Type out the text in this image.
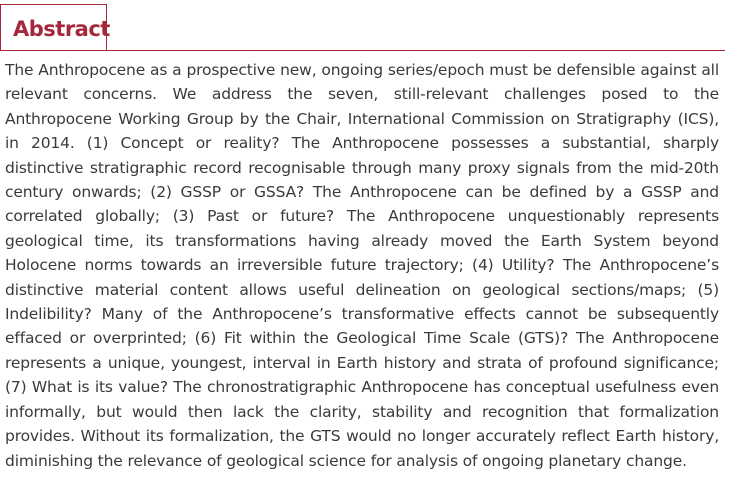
Abstract

The Anthropocene as a prospective new, ongoing series/epoch must be defensible against all relevant concerns. We address the seven, still-relevant challenges posed to the Anthropocene Working Group by the Chair, International Commission on Stratigraphy (ICS), in 2014. (1) Concept or reality? The Anthropocene possesses a substantial, sharply distinctive stratigraphic record recognisable through many proxy signals from the mid-20th century onwards; (2) GSSP or GSSA? The Anthropocene can be defined by a GSSP and correlated globally; (3) Past or future? The Anthropocene unquestionably represents geological time, its transformations having already moved the Earth System beyond Holocene norms towards an irreversible future trajectory; (4) Utility? The Anthropocene’s distinctive material content allows useful delineation on geological sections/maps; (5) Indelibility? Many of the Anthropocene’s transformative effects cannot be subsequently effaced or overprinted; (6) Fit within the Geological Time Scale (GTS)? The Anthropocene represents a unique, youngest, interval in Earth history and strata of profound significance; (7) What is its value? The chronostratigraphic Anthropocene has conceptual usefulness even informally, but would then lack the clarity, stability and recognition that formalization provides. Without its formalization, the GTS would no longer accurately reflect Earth history, diminishing the relevance of geological science for analysis of ongoing planetary change.
